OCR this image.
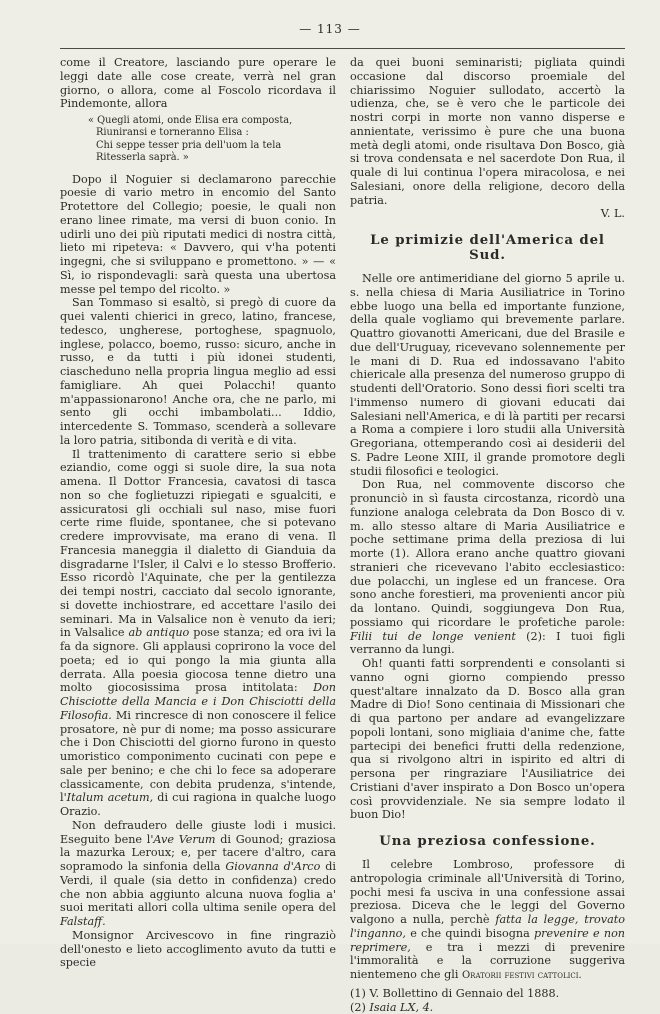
— 113 —

come il Creatore, lasciando pure operare le leggi date alle cose create, verrà nel gran giorno, o allora, come al Foscolo ricordava il Pindemonte, allora

« Quegli atomi, onde Elisa era composta,
Riuniransi e torneranno Elisa :
Chi seppe tesser pria dell'uom la tela
Ritesserla saprà. »

Dopo il Noguier si declamarono parecchie poesie di vario metro in encomio del Santo Protettore del Collegio; poesie, le quali non erano linee rimate, ma versi di buon conio. In udirli uno dei più riputati medici di nostra città, lieto mi ripeteva: « Davvero, qui v'ha potenti ingegni, che si sviluppano e promettono. » — « Sì, io rispondevagli: sarà questa una ubertosa messe pel tempo del ricolto. »

San Tommaso si esaltò, si pregò di cuore da quei valenti chierici in greco, latino, francese, tedesco, ungherese, portoghese, spagnuolo, inglese, polacco, boemo, russo: sicuro, anche in russo, e da tutti i più idonei studenti, ciascheduno nella propria lingua meglio ad essi famigliare. Ah quei Polacchi! quanto m'appassionarono! Anche ora, che ne parlo, mi sento gli occhi imbambolati... Iddio, intercedente S. Tommaso, scenderà a sollevare la loro patria, sitibonda di verità e di vita.

Il trattenimento di carattere serio si ebbe eziandio, come oggi si suole dire, la sua nota amena. Il Dottor Francesia, cavatosi di tasca non so che foglietuzzi ripiegati e sgualciti, e assicuratosi gli occhiali sul naso, mise fuori certe rime fluide, spontanee, che si potevano credere improvvisate, ma erano di vena. Il Francesia maneggia il dialetto di Gianduia da disgradarne l'Isler, il Calvi e lo stesso Brofferio. Esso ricordò l'Aquinate, che per la gentilezza dei tempi nostri, cacciato dal secolo ignorante, si dovette inchiostrare, ed accettare l'asilo dei seminari. Ma in Valsalice non è venuto da ieri; in Valsalice ab antiquo pose stanza; ed ora ivi la fa da signore. Gli applausi coprirono la voce del poeta; ed io qui pongo la mia giunta alla derrata. Alla poesia giocosa tenne dietro una molto giocosissima prosa intitolata: Don Chisciotte della Mancia e i Don Chisciotti della Filosofia. Mi rincresce di non conoscere il felice prosatore, nè pur di nome; ma posso assicurare che i Don Chisciotti del giorno furono in questo umoristico componimento cucinati con pepe e sale per benino; e che chi lo fece sa adoperare classicamente, con debita prudenza, s'intende, l'Italum acetum, di cui ragiona in qualche luogo Orazio.

Non defraudero delle giuste lodi i musici. Eseguito bene l'Ave Verum di Gounod; graziosa la mazurka Leroux; e, per tacere d'altro, cara sopramodo la sinfonia della Giovanna d'Arco di Verdi, il quale (sia detto in confidenza) credo che non abbia aggiunto alcuna nuova foglia a' suoi meritati allori colla ultima senile opera del Falstaff.

Monsignor Arcivescovo in fine ringraziò dell'onesto e lieto accoglimento avuto da tutti e specie

da quei buoni seminaristi; pigliata quindi occasione dal discorso proemiale del chiarissimo Noguier sullodato, accertò la udienza, che, se è vero che le particole dei nostri corpi in morte non vanno disperse e annientate, verissimo è pure che una buona metà degli atomi, onde risultava Don Bosco, già si trova condensata e nel sacerdote Don Rua, il quale di lui continua l'opera miracolosa, e nei Salesiani, onore della religione, decoro della patria.

V. L.

Le primizie dell'America del Sud.

Nelle ore antimeridiane del giorno 5 aprile u. s. nella chiesa di Maria Ausiliatrice in Torino ebbe luogo una bella ed importante funzione, della quale vogliamo qui brevemente parlare. Quattro giovanotti Americani, due del Brasile e due dell'Uruguay, ricevevano solennemente per le mani di D. Rua ed indossavano l'abito chiericale alla presenza del numeroso gruppo di studenti dell'Oratorio. Sono dessi fiori scelti tra l'immenso numero di giovani educati dai Salesiani nell'America, e di là partiti per recarsi a Roma a compiere i loro studii alla Università Gregoriana, ottemperando così ai desiderii del S. Padre Leone XIII, il grande promotore degli studii filosofici e teologici.

Don Rua, nel commovente discorso che pronunciò in sì fausta circostanza, ricordò una funzione analoga celebrata da Don Bosco di v. m. allo stesso altare di Maria Ausiliatrice e poche settimane prima della preziosa di lui morte (1). Allora erano anche quattro giovani stranieri che ricevevano l'abito ecclesiastico: due polacchi, un inglese ed un francese. Ora sono anche forestieri, ma provenienti ancor più da lontano. Quindi, soggiungeva Don Rua, possiamo qui ricordare le profetiche parole: Filii tui de longe venient (2): I tuoi figli verranno da lungi.

Oh! quanti fatti sorprendenti e consolanti si vanno ogni giorno compiendo presso quest'altare innalzato da D. Bosco alla gran Madre di Dio! Sono centinaia di Missionari che di qua partono per andare ad evangelizzare popoli lontani, sono migliaia d'anime che, fatte partecipi dei benefici frutti della redenzione, qua si rivolgono altri in ispirito ed altri di persona per ringraziare l'Ausiliatrice dei Cristiani d'aver inspirato a Don Bosco un'opera così provvidenziale. Ne sia sempre lodato il buon Dio!

Una preziosa confessione.

Il celebre Lombroso, professore di antropologia criminale all'Università di Torino, pochi mesi fa usciva in una confessione assai preziosa. Diceva che le leggi del Governo valgono a nulla, perchè fatta la legge, trovato l'inganno, e che quindi bisogna prevenire e non reprimere, e tra i mezzi di prevenire l'immoralità e la corruzione suggeriva nientemeno che gli Oratorii festivi cattolici.

(1) V. Bollettino di Gennaio del 1888.
(2) Isaia LX, 4.
